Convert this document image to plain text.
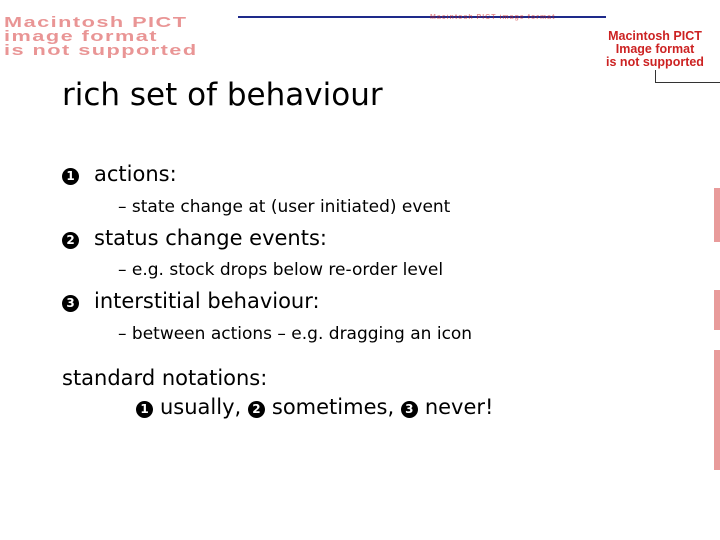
Macintosh PICT
image format
is not supported
Macintosh PICT image format
Macintosh PICT
Image format
is not supported
rich set of behaviour
1 actions:
– state change at (user initiated) event
2 status change events:
– e.g. stock drops below re-order level
3 interstitial behaviour:
– between actions – e.g. dragging an icon
standard notations:
1 usually, 2 sometimes, 3 never!
